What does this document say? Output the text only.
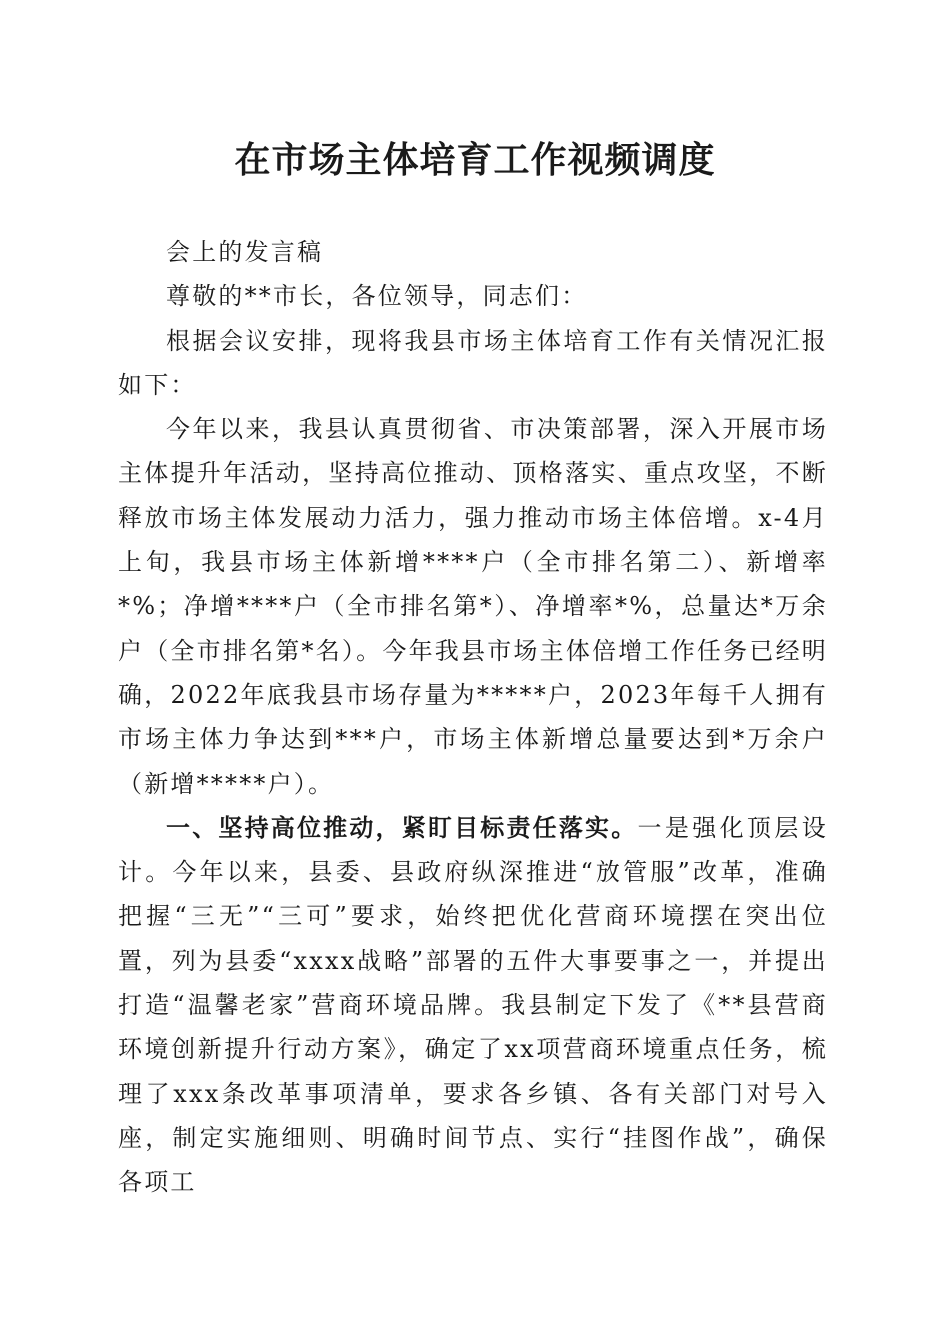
在市场主体培育工作视频调度

会上的发言稿

尊敬的**市长，各位领导，同志们：

根据会议安排，现将我县市场主体培育工作有关情况汇报如下：

今年以来，我县认真贯彻省、市决策部署，深入开展市场主体提升年活动，坚持高位推动、顶格落实、重点攻坚，不断释放市场主体发展动力活力，强力推动市场主体倍增。x-4月上旬，我县市场主体新增****户（全市排名第二）、新增率*%；净增****户（全市排名第*）、净增率*%，总量达*万余户（全市排名第*名）。今年我县市场主体倍增工作任务已经明确，2022年底我县市场存量为*****户，2023年每千人拥有市场主体力争达到***户，市场主体新增总量要达到*万余户（新增*****户）。

一、坚持高位推动，紧盯目标责任落实。一是强化顶层设计。今年以来，县委、县政府纵深推进“放管服”改革，准确把握“三无”“三可”要求，始终把优化营商环境摆在突出位置，列为县委“xxxx战略”部署的五件大事要事之一，并提出打造“温馨老家”营商环境品牌。我县制定下发了《**县营商环境创新提升行动方案》，确定了xx项营商环境重点任务，梳理了xxx条改革事项清单，要求各乡镇、各有关部门对号入座，制定实施细则、明确时间节点、实行“挂图作战”，确保各项工
